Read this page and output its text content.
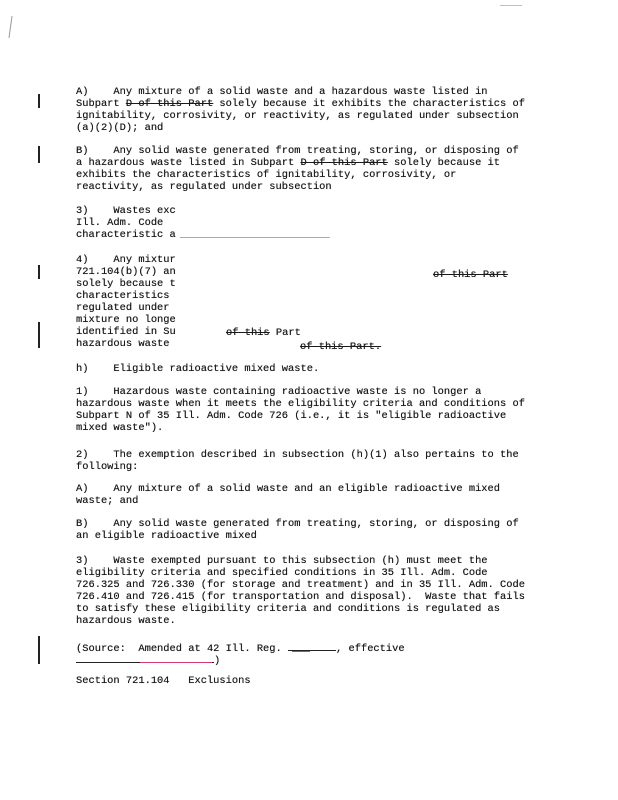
A)    Any mixture of a solid waste and a hazardous waste listed in
Subpart D of this Part solely because it exhibits the characteristics of
ignitability, corrosivity, or reactivity, as regulated under subsection
(a)(2)(D); and
B)    Any solid waste generated from treating, storing, or disposing of
a hazardous waste listed in Subpart D of this Part solely because it
exhibits the characteristics of ignitability, corrosivity, or
reactivity, as regulated under subsection
3)    Wastes exc
Ill. Adm. Code
characteristic a
4)    Any mixtur
721.104(b)(7) an	of this Part
solely because t
characteristics
regulated under
mixture no longe
identified in Su	of this Part
hazardous waste	of this Part.
h)    Eligible radioactive mixed waste.
1)    Hazardous waste containing radioactive waste is no longer a
hazardous waste when it meets the eligibility criteria and conditions of
Subpart N of 35 Ill. Adm. Code 726 (i.e., it is "eligible radioactive
mixed waste").
2)    The exemption described in subsection (h)(1) also pertains to the
following:
A)    Any mixture of a solid waste and an eligible radioactive mixed
waste; and
B)    Any solid waste generated from treating, storing, or disposing of
an eligible radioactive mixed
3)    Waste exempted pursuant to this subsection (h) must meet the
eligibility criteria and specified conditions in 35 Ill. Adm. Code
726.325 and 726.330 (for storage and treatment) and in 35 Ill. Adm. Code
726.410 and 726.415 (for transportation and disposal).  Waste that fails
to satisfy these eligibility criteria and conditions is regulated as
hazardous waste.
(Source:  Amended at 42 Ill. Reg.	, effective
)
Section 721.104   Exclusions
